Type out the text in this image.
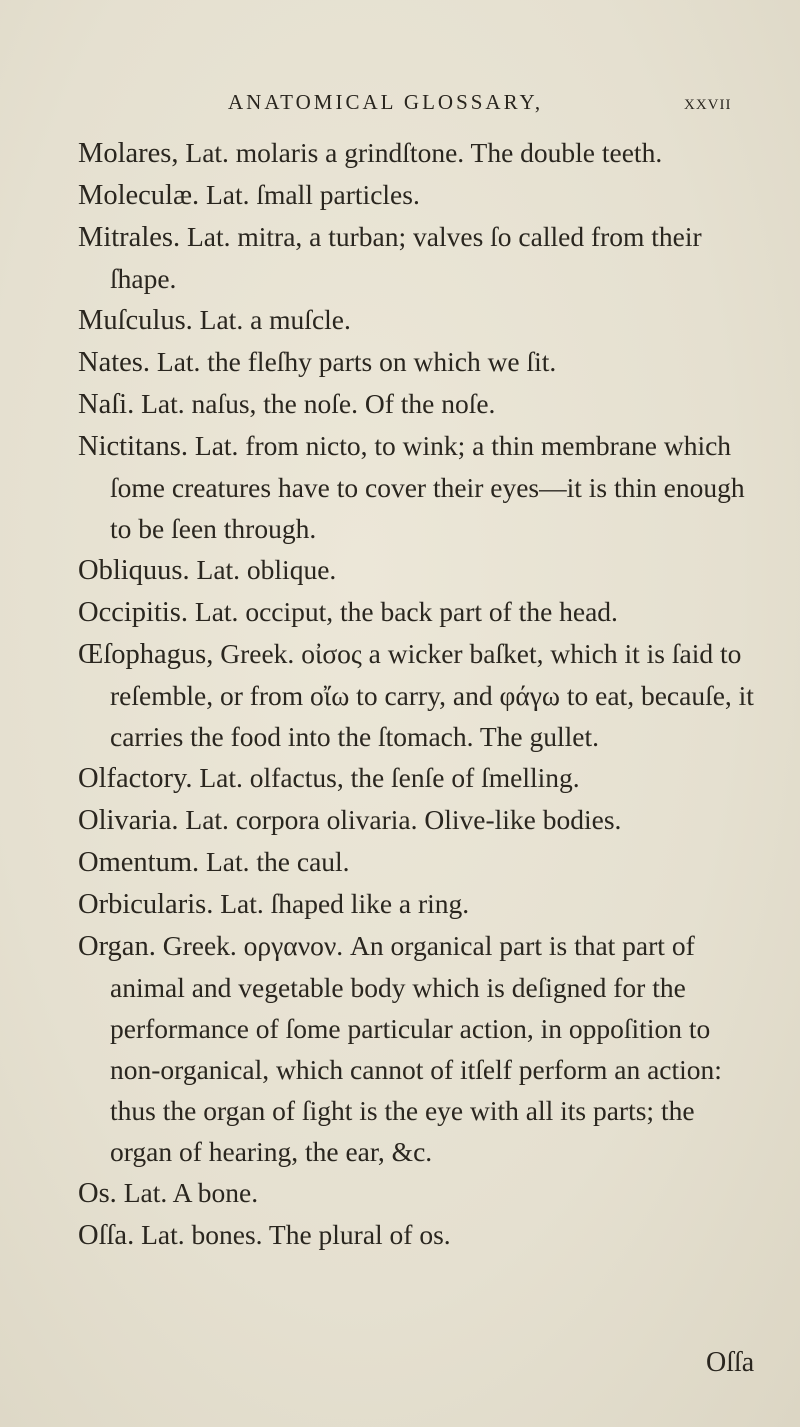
ANATOMICAL GLOSSARY,	xxvii

Molares, Lat. molaris a grindſtone. The double teeth.

Moleculæ. Lat. ſmall particles.

Mitrales. Lat. mitra, a turban; valves ſo called from their ſhape.

Muſculus. Lat. a muſcle.

Nates. Lat. the fleſhy parts on which we ſit.

Naſi. Lat. naſus, the noſe. Of the noſe.

Nictitans. Lat. from nicto, to wink; a thin membrane which ſome creatures have to cover their eyes—it is thin enough to be ſeen through.

Obliquus. Lat. oblique.

Occipitis. Lat. occiput, the back part of the head.

Œſophagus, Greek. οἰσος a wicker baſket, which it is ſaid to reſemble, or from οἴω to carry, and φάγω to eat, becauſe, it carries the food into the ſtomach. The gullet.

Olfactory. Lat. olfactus, the ſenſe of ſmelling.

Olivaria. Lat. corpora olivaria. Olive-like bodies.

Omentum. Lat. the caul.

Orbicularis. Lat. ſhaped like a ring.

Organ. Greek. οργανον. An organical part is that part of animal and vegetable body which is deſigned for the performance of ſome particular action, in oppoſition to non-organical, which cannot of itſelf perform an action: thus the organ of ſight is the eye with all its parts; the organ of hearing, the ear, &c.

Os. Lat. A bone.

Oſſa. Lat. bones. The plural of os.

Oſſa
